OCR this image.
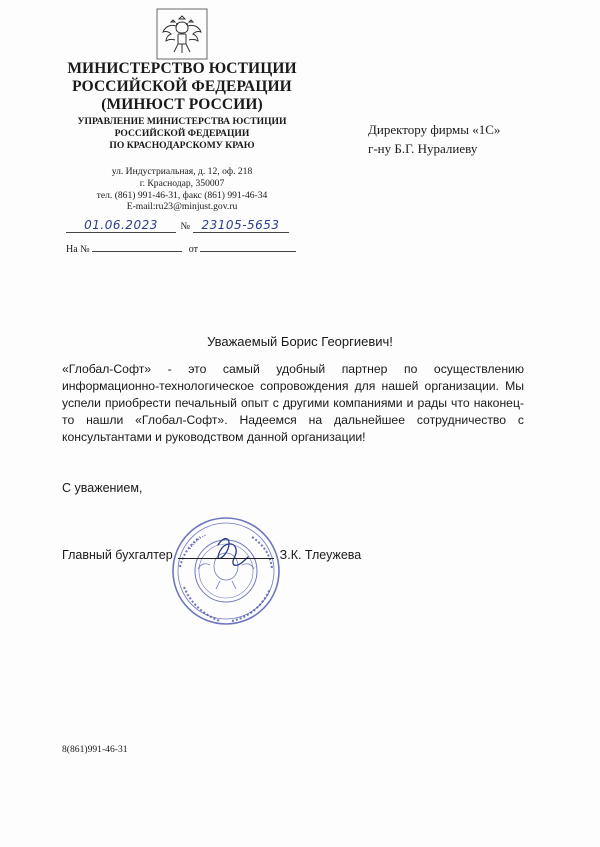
МИНИСТЕРСТВО ЮСТИЦИИ
РОССИЙСКОЙ ФЕДЕРАЦИИ
(МИНЮСТ РОССИИ)
УПРАВЛЕНИЕ МИНИСТЕРСТВА ЮСТИЦИИ
РОССИЙСКОЙ ФЕДЕРАЦИИ
ПО КРАСНОДАРСКОМУ КРАЮ
ул. Индустриальная, д. 12, оф. 218
г. Краснодар, 350007
тел. (861) 991-46-31, факс (861) 991-46-34
E-mail:ru23@minjust.gov.ru
01.06.2023 № 23105-5653
На №	от
Директору фирмы «1С»
г-ну Б.Г. Нуралиеву
Уважаемый Борис Георгиевич!

«Глобал-Софт» - это самый удобный партнер по осуществлению информационно-технологическое сопровождения для нашей организации. Мы успели приобрести печальный опыт с другими компаниями и рады что наконец-то нашли «Глобал-Софт». Надеемся на дальнейшее сотрудничество с консультантами и руководством данной организации!

С уважением,
Главный бухгалтер	З.К. Тлеужева
8(861)991-46-31
